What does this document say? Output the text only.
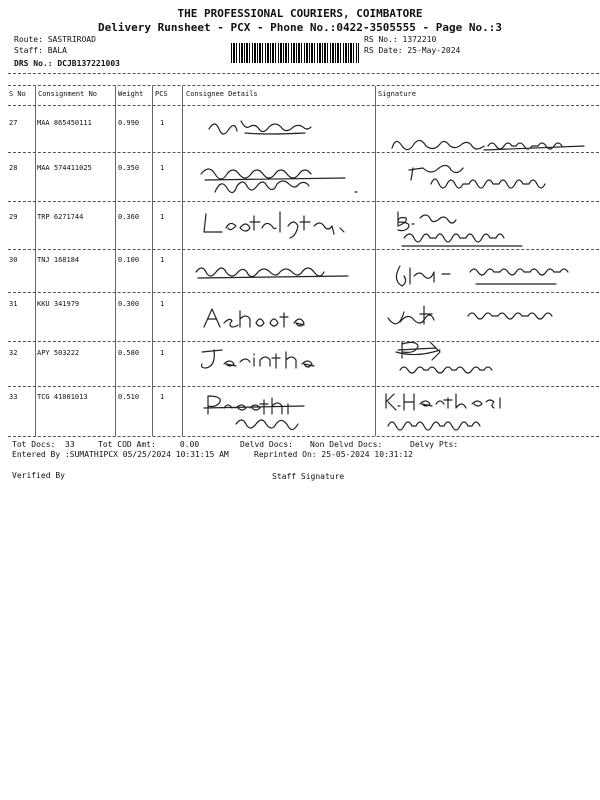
THE PROFESSIONAL COURIERS, COIMBATORE
Delivery Runsheet - PCX - Phone No.:0422-3505555 - Page No.:3
Route: SASTRIROAD
Staff: BALA
DRS No.: DCJB137221003
RS No.: 1372210
RS Date: 25-May-2024
S No Consignment No	Weight PCS	Consignee Details	Signature
27	MAA 865450111	0.990	1
28	MAA 574411025	0.350	1
29	TRP 6271744	0.360	1
30	TNJ 168184	0.100	1
31	KKU 341979	0.300	1
32	APY 503222	0.580	1
33	TCG 41001013	0.510	1
Tot Docs: 33	Tot COD Amt:	0.00	Delvd Docs: Non Delvd Docs:	Delvy Pts:
Entered By :SUMATHIPCX 05/25/2024 10:31:15 AM	Reprinted On: 25-05-2024 10:31:12
Verified By	Staff Signature
